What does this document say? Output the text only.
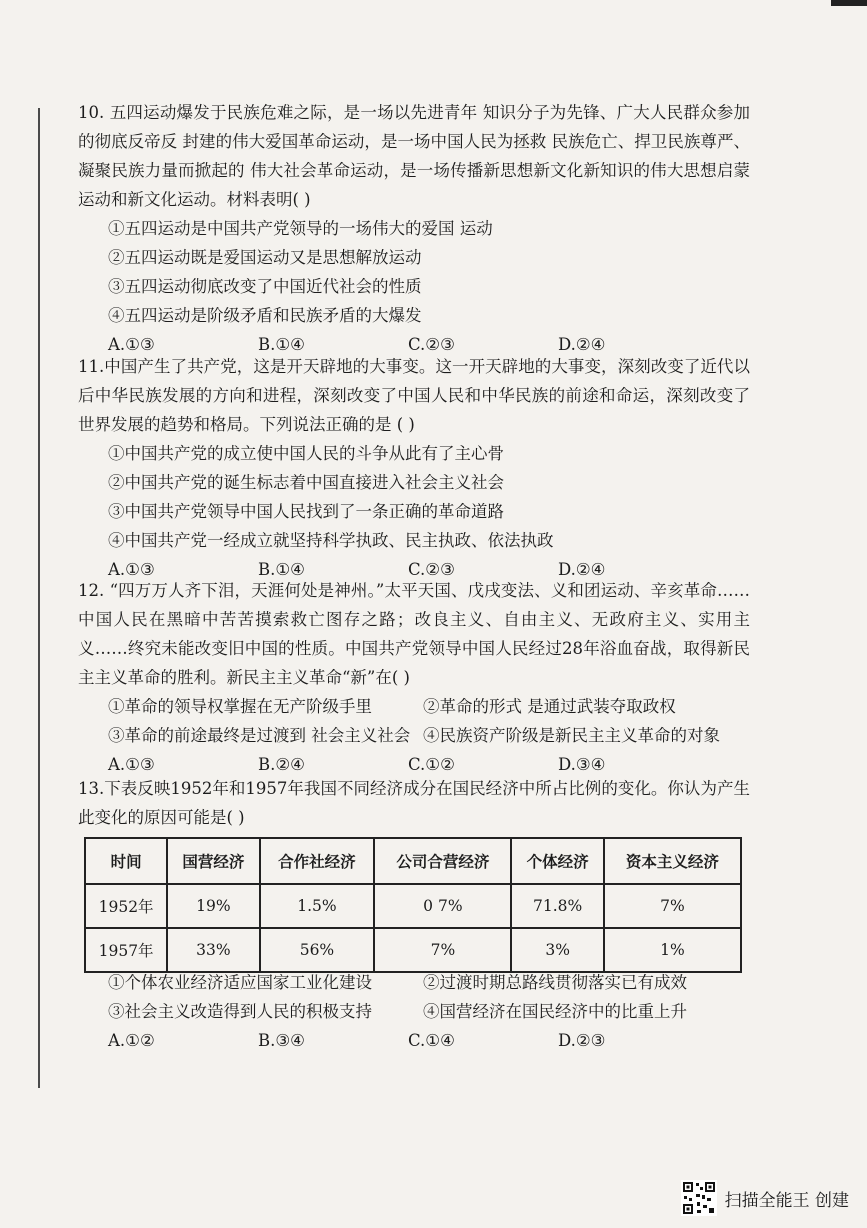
10. 五四运动爆发于民族危难之际，是一场以先进青年 知识分子为先锋、广大人民群众参加的彻底反帝反 封建的伟大爱国革命运动，是一场中国人民为拯救 民族危亡、捍卫民族尊严、凝聚民族力量而掀起的 伟大社会革命运动，是一场传播新思想新文化新知识的伟大思想启蒙运动和新文化运动。材料表明( )

①五四运动是中国共产党领导的一场伟大的爱国 运动

②五四运动既是爱国运动又是思想解放运动

③五四运动彻底改变了中国近代社会的性质

④五四运动是阶级矛盾和民族矛盾的大爆发

A.①③	B.①④	C.②③	D.②④

11.中国产生了共产党，这是开天辟地的大事变。这一开天辟地的大事变，深刻改变了近代以后中华民族发展的方向和进程，深刻改变了中国人民和中华民族的前途和命运，深刻改变了世界发展的趋势和格局。下列说法正确的是 ( )

①中国共产党的成立使中国人民的斗争从此有了主心骨

②中国共产党的诞生标志着中国直接进入社会主义社会

③中国共产党领导中国人民找到了一条正确的革命道路

④中国共产党一经成立就坚持科学执政、民主执政、依法执政

A.①③	B.①④	C.②③	D.②④

12. “四万万人齐下泪，天涯何处是神州。”太平天国、戊戌变法、义和团运动、辛亥革命……中国人民在黑暗中苦苦摸索救亡图存之路；改良主义、自由主义、无政府主义、实用主义……终究未能改变旧中国的性质。中国共产党领导中国人民经过28年浴血奋战，取得新民主主义革命的胜利。新民主主义革命“新”在( )

①革命的领导权掌握在无产阶级手里	②革命的形式 是通过武装夺取政权
③革命的前途最终是过渡到 社会主义社会 ④民族资产阶级是新民主主义革命的对象
A.①③	B.②④	C.①②	D.③④

13.下表反映1952年和1957年我国不同经济成分在国民经济中所占比例的变化。你认为产生此变化的原因可能是( )

时间	国营经济	合作社经济	公司合营经济	个体经济	资本主义经济
1952年	19%	1.5%	0 7%	71.8%	7%
1957年	33%	56%	7%	3%	1%
①个体农业经济适应国家工业化建设	②过渡时期总路线贯彻落实已有成效
③社会主义改造得到人民的积极支持	④国营经济在国民经济中的比重上升
A.①②	B.③④	C.①④	D.②③
扫描全能王 创建
